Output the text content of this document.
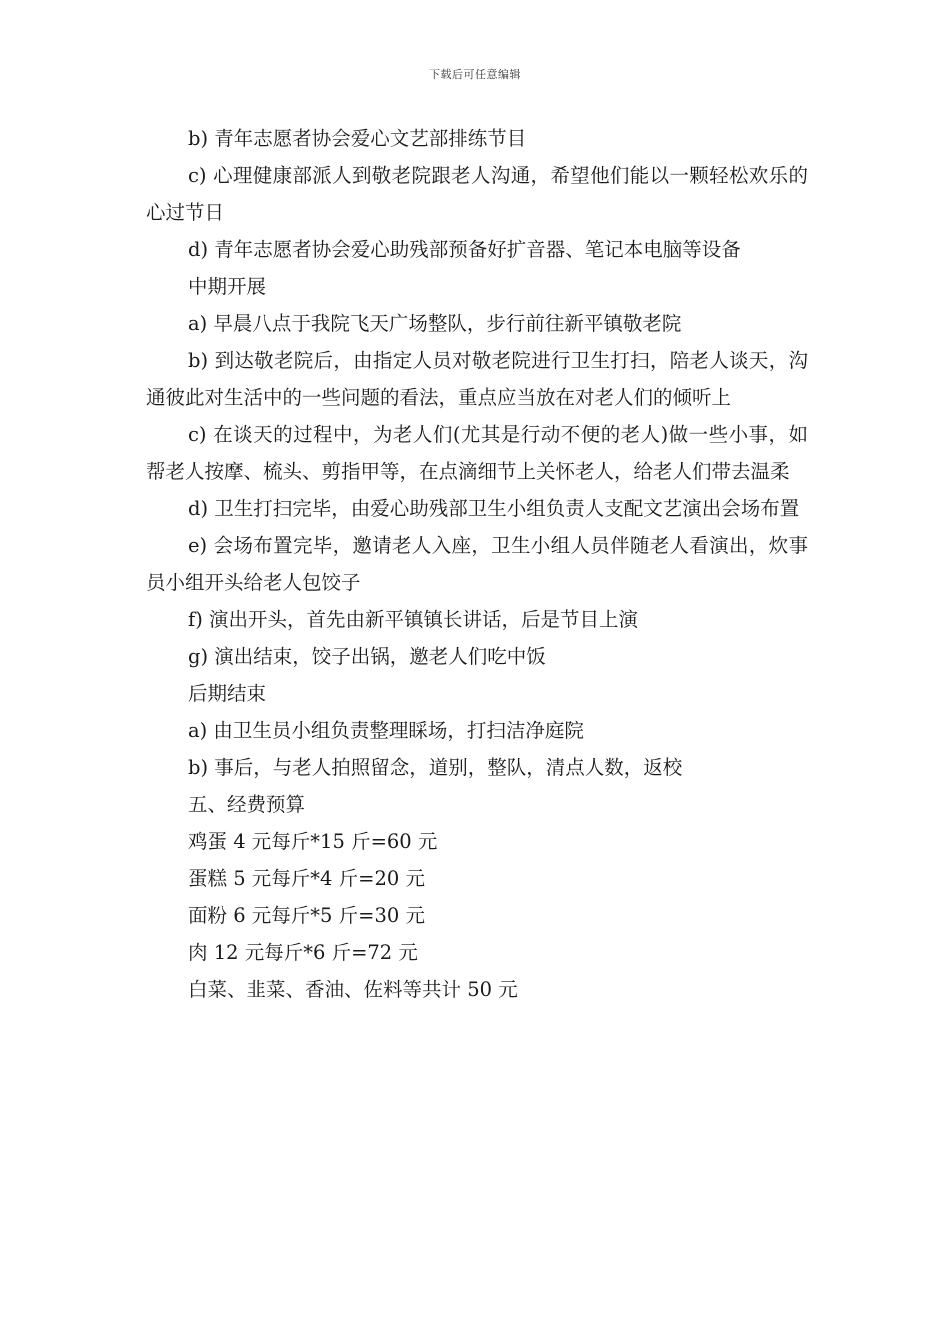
下载后可任意编辑

b) 青年志愿者协会爱心文艺部排练节目

c) 心理健康部派人到敬老院跟老人沟通，希望他们能以一颗轻松欢乐的心过节日

d) 青年志愿者协会爱心助残部预备好扩音器、笔记本电脑等设备

中期开展

a) 早晨八点于我院飞天广场整队，步行前往新平镇敬老院

b) 到达敬老院后，由指定人员对敬老院进行卫生打扫，陪老人谈天，沟通彼此对生活中的一些问题的看法，重点应当放在对老人们的倾听上

c) 在谈天的过程中，为老人们(尤其是行动不便的老人)做一些小事，如帮老人按摩、梳头、剪指甲等，在点滴细节上关怀老人，给老人们带去温柔

d) 卫生打扫完毕，由爱心助残部卫生小组负责人支配文艺演出会场布置

e) 会场布置完毕，邀请老人入座，卫生小组人员伴随老人看演出，炊事员小组开头给老人包饺子

f) 演出开头，首先由新平镇镇长讲话，后是节目上演

g) 演出结束，饺子出锅，邀老人们吃中饭

后期结束

a) 由卫生员小组负责整理睬场，打扫洁净庭院

b) 事后，与老人拍照留念，道别，整队，清点人数，返校

五、经费预算

鸡蛋 4 元每斤*15 斤=60 元

蛋糕 5 元每斤*4 斤=20 元

面粉 6 元每斤*5 斤=30 元

肉 12 元每斤*6 斤=72 元

白菜、韭菜、香油、佐料等共计 50 元
